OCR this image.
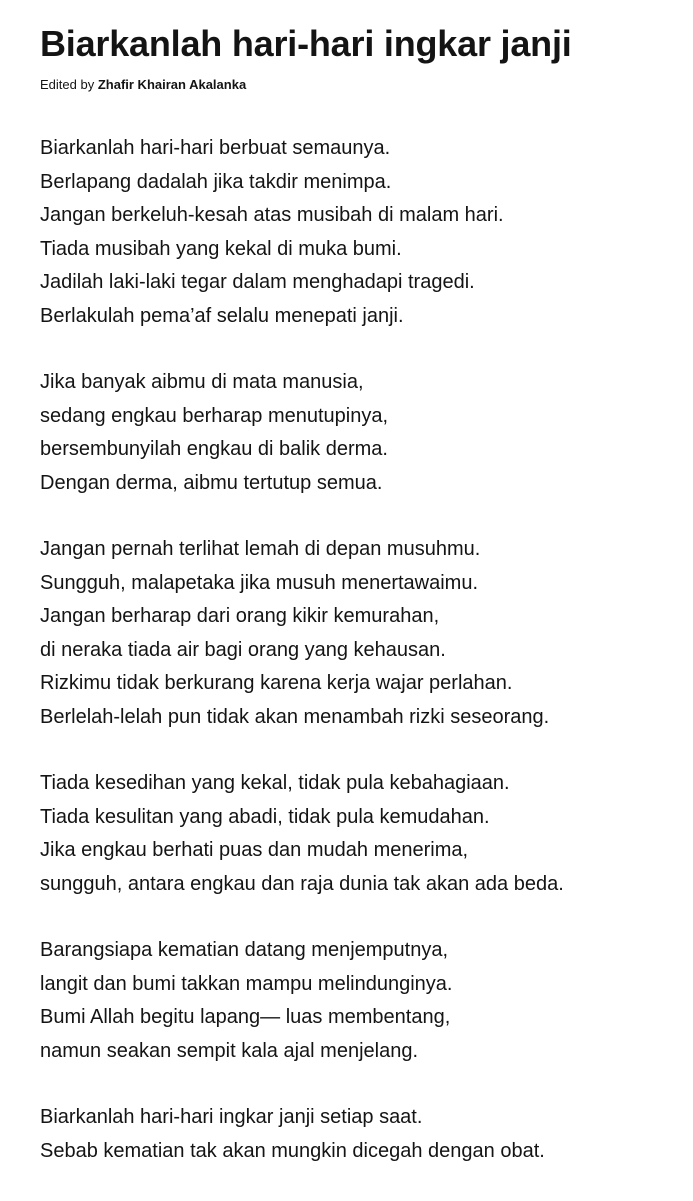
Biarkanlah hari-hari ingkar janji
Edited by Zhafir Khairan Akalanka
Biarkanlah hari-hari berbuat semaunya.
Berlapang dadalah jika takdir menimpa.
Jangan berkeluh-kesah atas musibah di malam hari.
Tiada musibah yang kekal di muka bumi.
Jadilah laki-laki tegar dalam menghadapi tragedi.
Berlakulah pema’af selalu menepati janji.
Jika banyak aibmu di mata manusia,
sedang engkau berharap menutupinya,
bersembunyilah engkau di balik derma.
Dengan derma, aibmu tertutup semua.
Jangan pernah terlihat lemah di depan musuhmu.
Sungguh, malapetaka jika musuh menertawaimu.
Jangan berharap dari orang kikir kemurahan,
di neraka tiada air bagi orang yang kehausan.
Rizkimu tidak berkurang karena kerja wajar perlahan.
Berlelah-lelah pun tidak akan menambah rizki seseorang.
Tiada kesedihan yang kekal, tidak pula kebahagiaan.
Tiada kesulitan yang abadi, tidak pula kemudahan.
Jika engkau berhati puas dan mudah menerima,
sungguh, antara engkau dan raja dunia tak akan ada beda.
Barangsiapa kematian datang menjemputnya,
langit dan bumi takkan mampu melindunginya.
Bumi Allah begitu lapang— luas membentang,
namun seakan sempit kala ajal menjelang.
Biarkanlah hari-hari ingkar janji setiap saat.
Sebab kematian tak akan mungkin dicegah dengan obat.
